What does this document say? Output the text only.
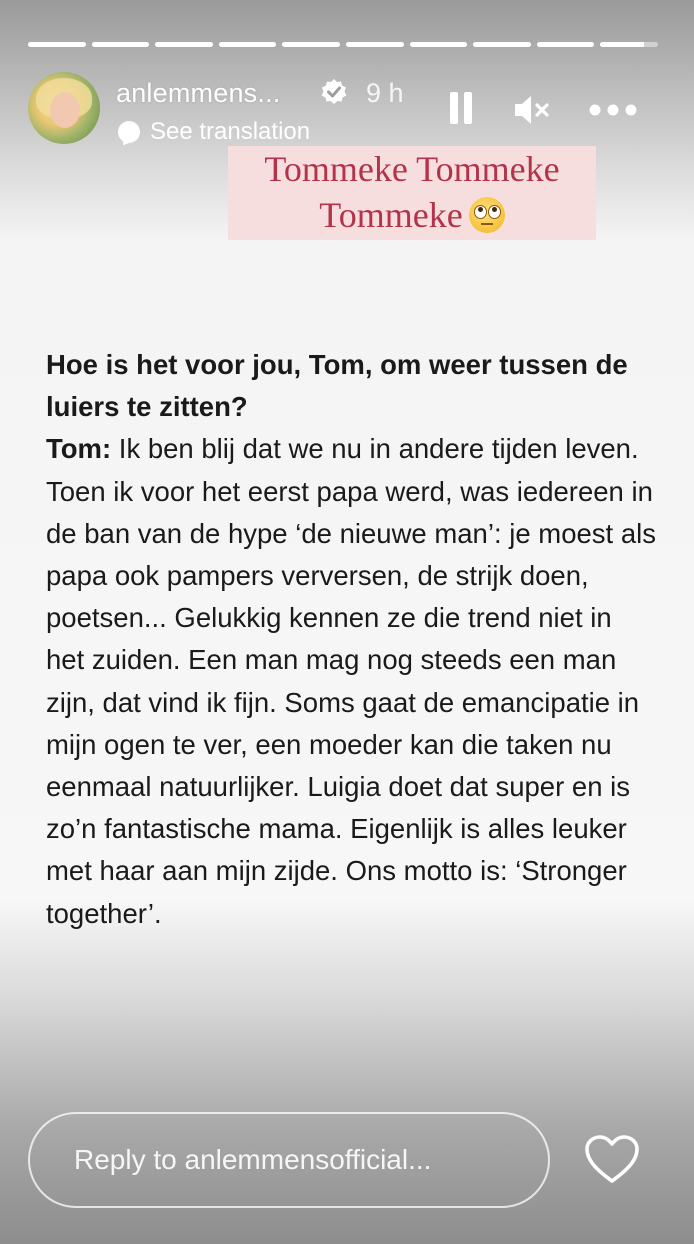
anlemmens...	9 h
See translation
Tommeke Tommeke
Tommeke
Hoe is het voor jou, Tom, om weer tussen de luiers te zitten?
Tom: Ik ben blij dat we nu in andere tijden leven. Toen ik voor het eerst papa werd, was iedereen in de ban van de hype ‘de nieuwe man’: je moest als papa ook pampers verversen, de strijk doen, poetsen... Gelukkig kennen ze die trend niet in het zuiden. Een man mag nog steeds een man zijn, dat vind ik fijn. Soms gaat de emancipatie in mijn ogen te ver, een moeder kan die taken nu eenmaal natuurlijker. Luigia doet dat super en is zo’n fantastische mama. Eigenlijk is alles leuker met haar aan mijn zijde. Ons motto is: ‘Stronger together’.
Reply to anlemmensofficial...
